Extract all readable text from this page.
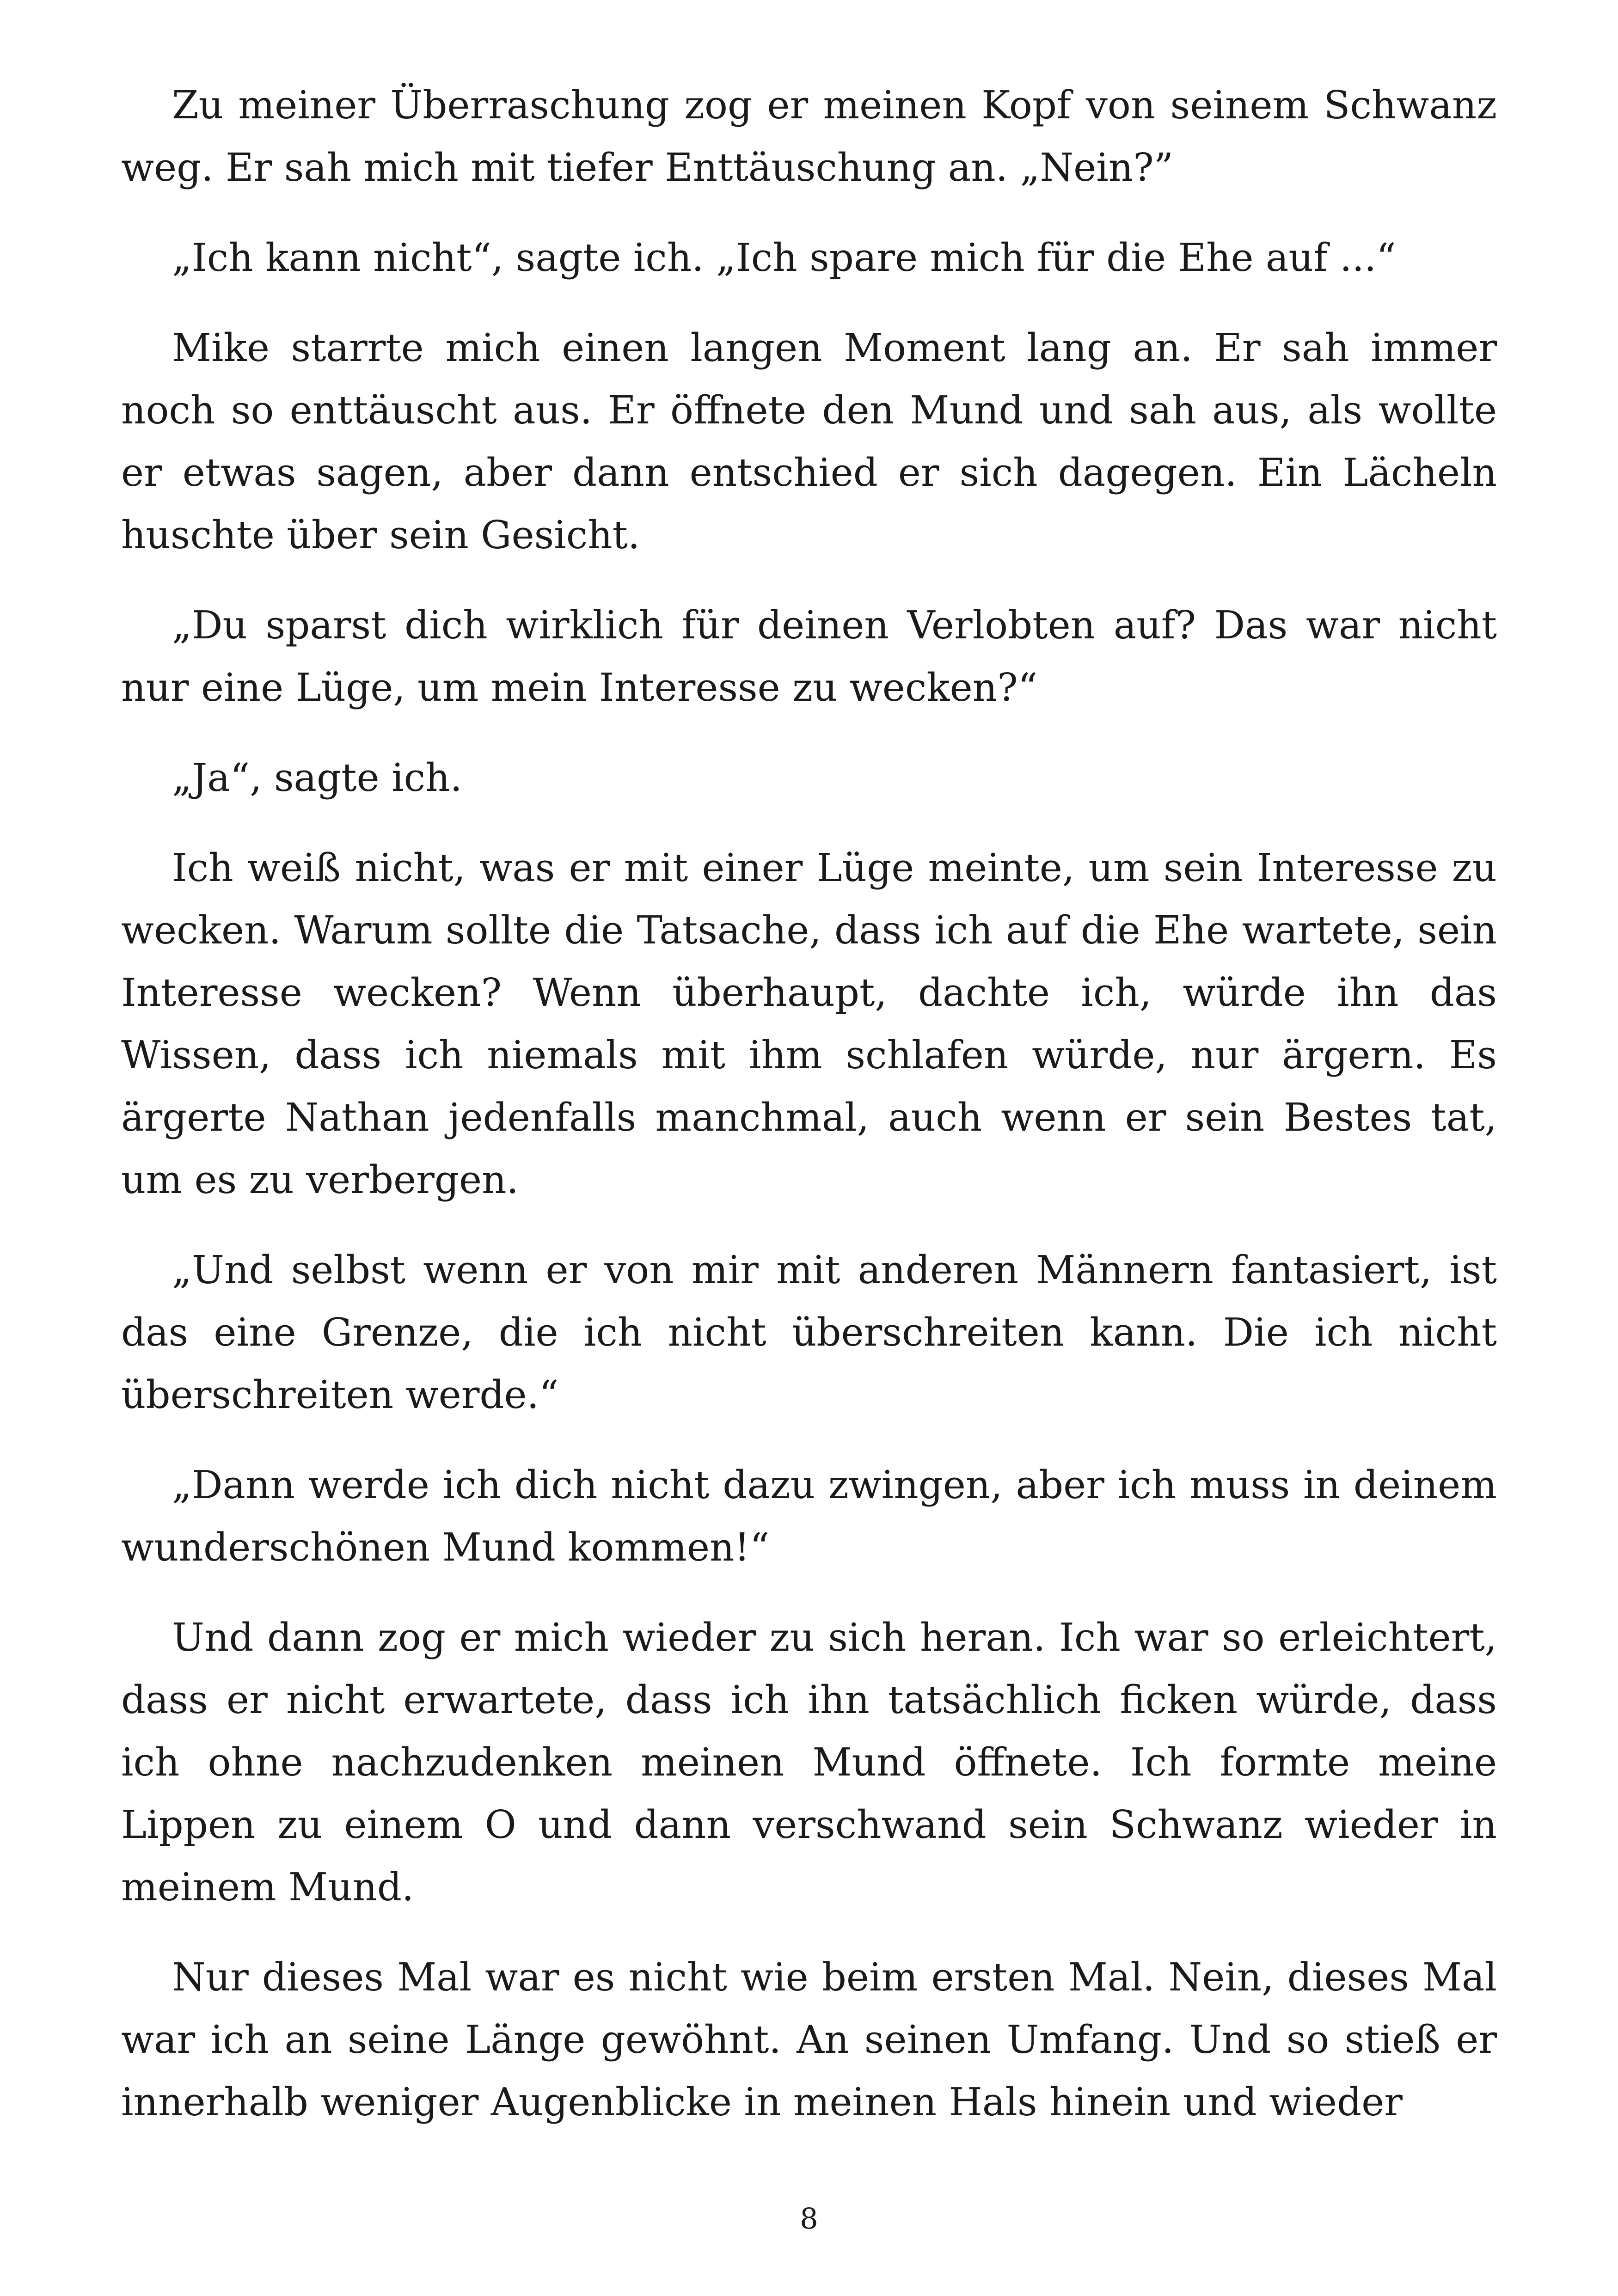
Zu meiner Überraschung zog er meinen Kopf von seinem Schwanz weg. Er sah mich mit tiefer Enttäuschung an. „Nein?”

„Ich kann nicht“, sagte ich. „Ich spare mich für die Ehe auf ...“

Mike starrte mich einen langen Moment lang an. Er sah immer noch so enttäuscht aus. Er öffnete den Mund und sah aus, als wollte er etwas sagen, aber dann entschied er sich dagegen. Ein Lächeln huschte über sein Gesicht.

„Du sparst dich wirklich für deinen Verlobten auf? Das war nicht nur eine Lüge, um mein Interesse zu wecken?“

„Ja“, sagte ich.

Ich weiß nicht, was er mit einer Lüge meinte, um sein Interesse zu wecken. Warum sollte die Tatsache, dass ich auf die Ehe wartete, sein Interesse wecken? Wenn überhaupt, dachte ich, würde ihn das Wissen, dass ich niemals mit ihm schlafen würde, nur ärgern. Es ärgerte Nathan jedenfalls manchmal, auch wenn er sein Bestes tat, um es zu verbergen.

„Und selbst wenn er von mir mit anderen Männern fantasiert, ist das eine Grenze, die ich nicht überschreiten kann. Die ich nicht überschreiten werde.“

„Dann werde ich dich nicht dazu zwingen, aber ich muss in deinem wunderschönen Mund kommen!“

Und dann zog er mich wieder zu sich heran. Ich war so erleichtert, dass er nicht erwartete, dass ich ihn tatsächlich ficken würde, dass ich ohne nachzudenken meinen Mund öffnete. Ich formte meine Lippen zu einem O und dann verschwand sein Schwanz wieder in meinem Mund.

Nur dieses Mal war es nicht wie beim ersten Mal. Nein, dieses Mal war ich an seine Länge gewöhnt. An seinen Umfang. Und so stieß er innerhalb weniger Augenblicke in meinen Hals hinein und wieder

8
